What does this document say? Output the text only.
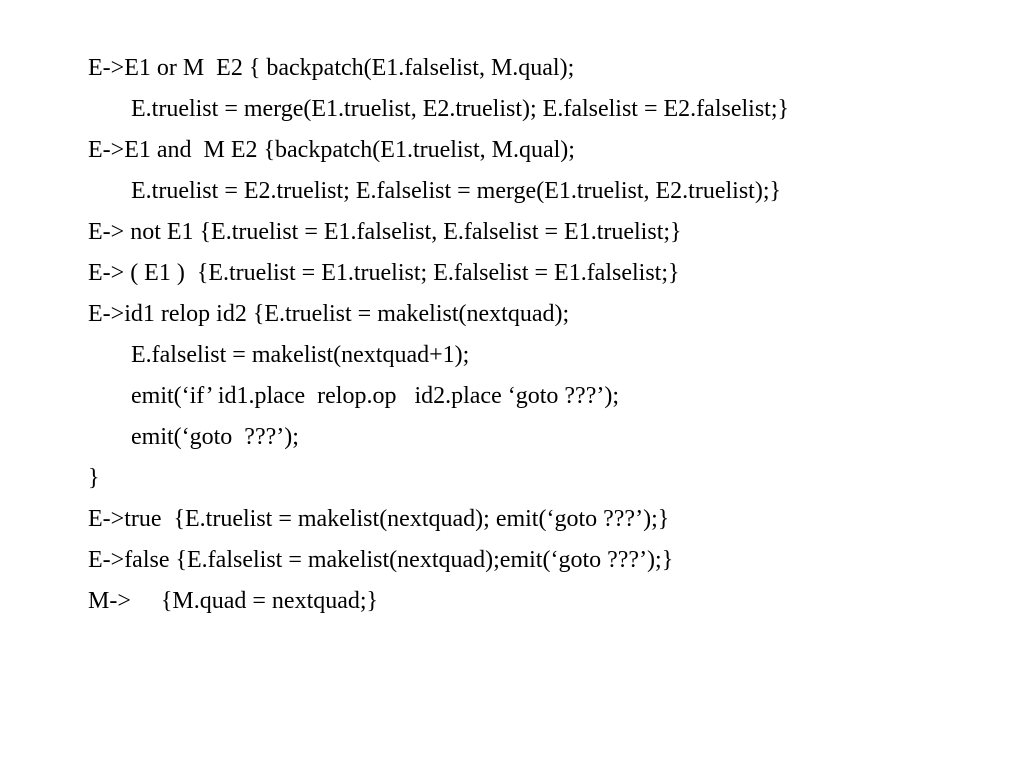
E->E1 or M  E2 { backpatch(E1.falselist, M.qual);
E.truelist = merge(E1.truelist, E2.truelist); E.falselist = E2.falselist;}
E->E1 and  M E2 {backpatch(E1.truelist, M.qual);
E.truelist = E2.truelist; E.falselist = merge(E1.truelist, E2.truelist);}
E-> not E1 {E.truelist = E1.falselist, E.falselist = E1.truelist;}
E-> ( E1 )  {E.truelist = E1.truelist; E.falselist = E1.falselist;}
E->id1 relop id2 {E.truelist = makelist(nextquad);
E.falselist = makelist(nextquad+1);
emit(‘if’ id1.place  relop.op   id2.place ‘goto ???’);
emit(‘goto  ???’);
}
E->true  {E.truelist = makelist(nextquad); emit(‘goto ???’);}
E->false {E.falselist = makelist(nextquad);emit(‘goto ???’);}
M->     {M.quad = nextquad;}
